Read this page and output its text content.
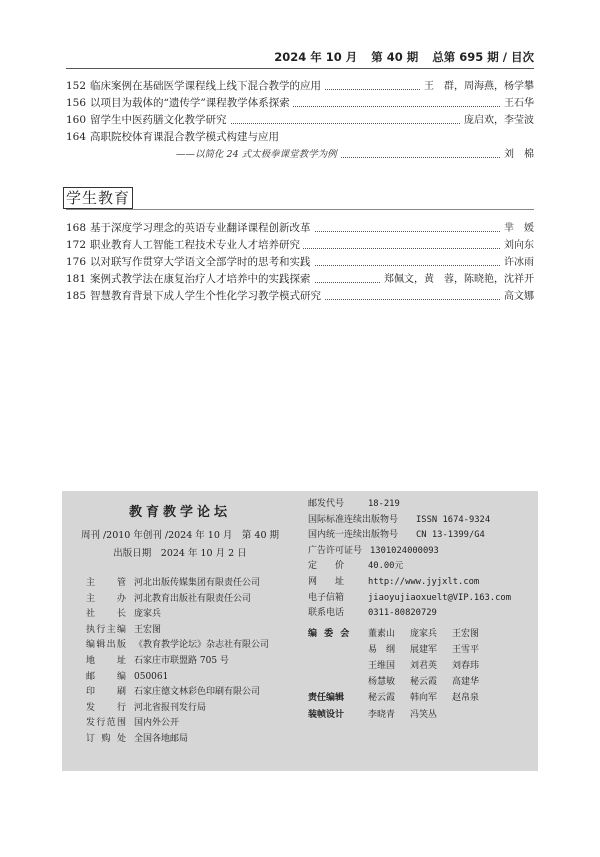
2024 年 10 月 第 40 期 总第 695 期 / 目次
152 临床案例在基础医学课程线上线下混合教学的应用	王　群，周海燕，杨学攀
156 以项目为载体的“遗传学”课程教学体系探索	王石华
160 留学生中医药膳文化教学研究	庞启欢，李莹波
164 高职院校体育课混合教学模式构建与应用
——以简化 24 式太极拳课堂教学为例	刘　棉
学生教育
168 基于深度学习理念的英语专业翻译课程创新改革	芈　媛
172 职业教育人工智能工程技术专业人才培养研究	刘向东
176 以对联写作贯穿大学语文全部学时的思考和实践	许冰雨
181 案例式教学法在康复治疗人才培养中的实践探索	郑佩文，黄　蓉，陈晓艳，沈祥开
185 智慧教育背景下成人学生个性化学习教学模式研究	高文娜
教育教学论坛
周刊 /2010 年创刊 /2024 年 10 月　第 40 期
出版日期　2024 年 10 月 2 日
主　　管 河北出版传媒集团有限责任公司
主　　办 河北教育出版社有限责任公司
社　　长 庞家兵
执行主编 王宏图
编辑出版 《教育教学论坛》杂志社有限公司
地　　址 石家庄市联盟路 705 号
邮　　编 050061
印　　刷 石家庄德文林彩色印刷有限公司
发　　行 河北省报刊发行局
发行范围 国内外公开
订 购 处 全国各地邮局
邮发代号	18-219
国际标准连续出版物号	ISSN 1674-9324
国内统一连续出版物号	CN 13-1399/G4
广告许可证号 1301024000093
定　　价	40.00元
网　　址	http://www.jyjxlt.com
电子信箱	jiaoyujiaoxuelt@VIP.163.com
联系电话	0311-80820729
编 委 会 董素山 庞家兵 王宏图
易　纲 展建军 王雪平
王维国 刘君英 刘春玮
杨慧敏 秘云霞 高建华
责任编辑	秘云霞 韩向军 赵帛泉
装帧设计	李晓青 冯笑丛
